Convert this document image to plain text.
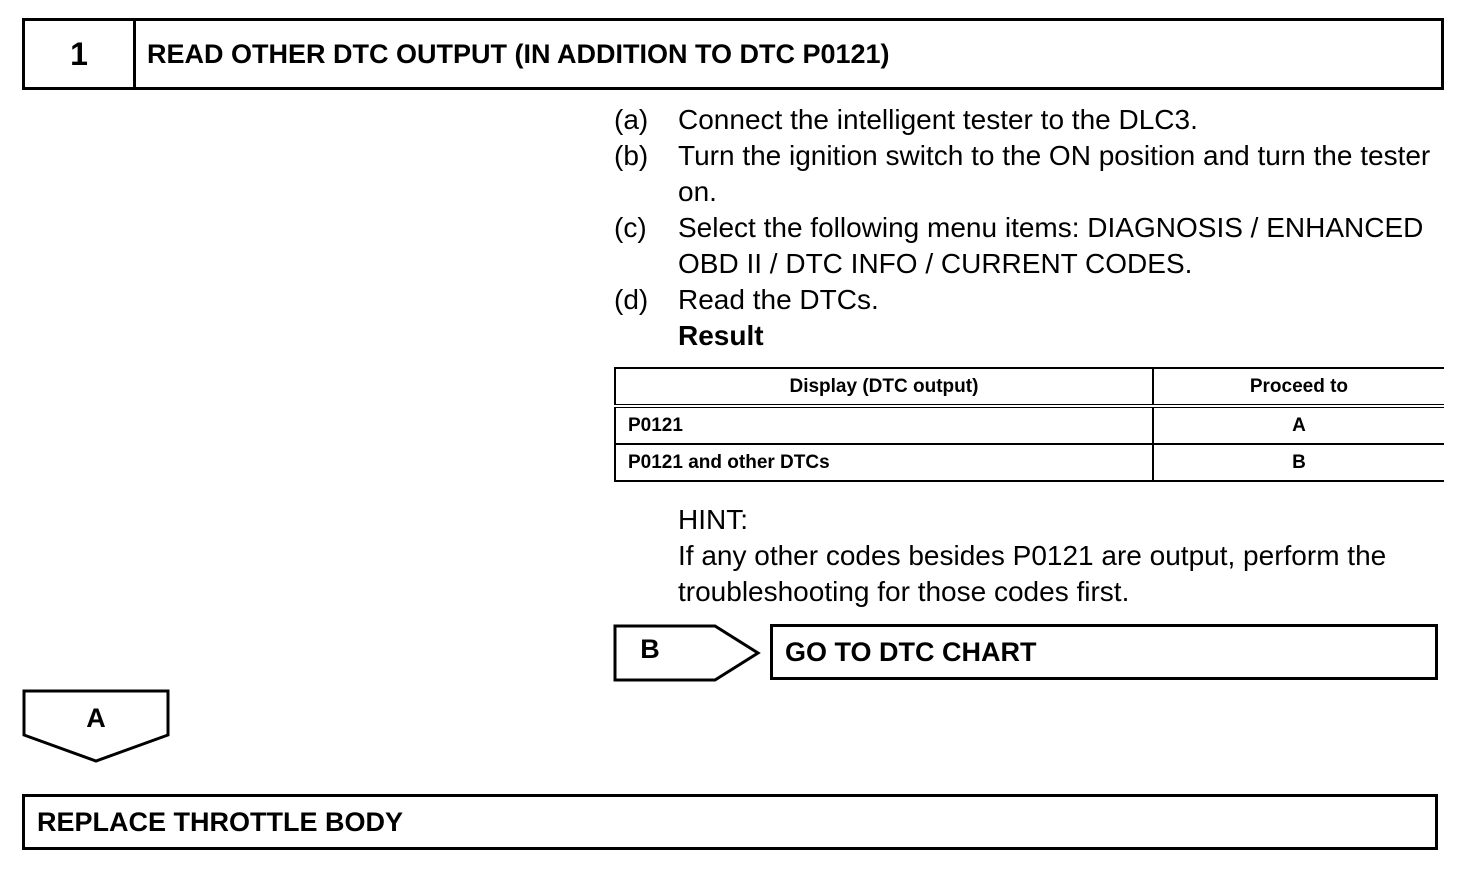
1	READ OTHER DTC OUTPUT (IN ADDITION TO DTC P0121)
(a)	Connect the intelligent tester to the DLC3.
(b)	Turn the ignition switch to the ON position and turn the tester on.
(c)	Select the following menu items: DIAGNOSIS / ENHANCED OBD II / DTC INFO / CURRENT CODES.
(d)	Read the DTCs.
Result
Display (DTC output)	Proceed to
P0121	A
P0121 and other DTCs	B
HINT:
If any other codes besides P0121 are output, perform the troubleshooting for those codes first.
B	GO TO DTC CHART
A
REPLACE THROTTLE BODY
